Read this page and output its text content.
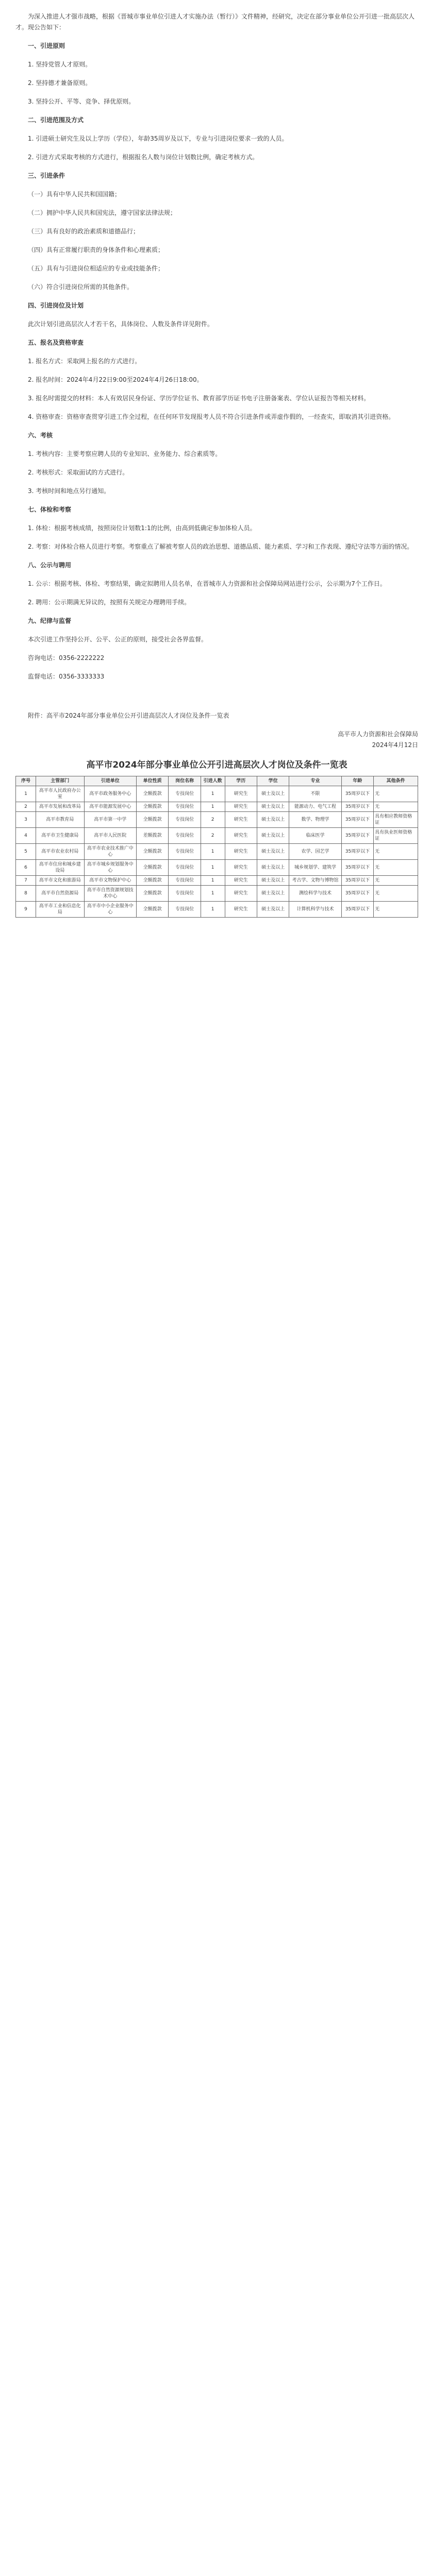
为深入推进人才强市战略，根据《晋城市事业单位引进人才实施办法（暂行）》文件精神，经研究，决定在部分事业单位公开引进一批高层次人才。现公告如下：

一、引进原则

1. 坚持党管人才原则。

2. 坚持德才兼备原则。

3. 坚持公开、平等、竞争、择优原则。

二、引进范围及方式

1. 引进硕士研究生及以上学历（学位），年龄35周岁及以下，专业与引进岗位要求一致的人员。

2. 引进方式采取考核的方式进行，根据报名人数与岗位计划数比例，确定考核方式。

三、引进条件

（一）具有中华人民共和国国籍；

（二）拥护中华人民共和国宪法，遵守国家法律法规；

（三）具有良好的政治素质和道德品行；

（四）具有正常履行职责的身体条件和心理素质；

（五）具有与引进岗位相适应的专业或技能条件；

（六）符合引进岗位所需的其他条件。

四、引进岗位及计划

此次计划引进高层次人才若干名，具体岗位、人数及条件详见附件。

五、报名及资格审查

1. 报名方式：采取网上报名的方式进行。

2. 报名时间：2024年4月22日9:00至2024年4月26日18:00。

3. 报名时需提交的材料：本人有效居民身份证、学历学位证书、教育部学历证书电子注册备案表、学位认证报告等相关材料。

4. 资格审查：资格审查贯穿引进工作全过程，在任何环节发现报考人员不符合引进条件或弄虚作假的，一经查实，即取消其引进资格。

六、考核

1. 考核内容：主要考察应聘人员的专业知识、业务能力、综合素质等。

2. 考核形式：采取面试的方式进行。

3. 考核时间和地点另行通知。

七、体检和考察

1. 体检：根据考核成绩，按照岗位计划数1:1的比例，由高到低确定参加体检人员。

2. 考察：对体检合格人员进行考察。考察重点了解被考察人员的政治思想、道德品质、能力素质、学习和工作表现、遵纪守法等方面的情况。

八、公示与聘用

1. 公示：根据考核、体检、考察结果，确定拟聘用人员名单，在晋城市人力资源和社会保障局网站进行公示，公示期为7个工作日。

2. 聘用：公示期满无异议的，按照有关规定办理聘用手续。

九、纪律与监督

本次引进工作坚持公开、公平、公正的原则，接受社会各界监督。

咨询电话：0356-2222222

监督电话：0356-3333333

附件：高平市2024年部分事业单位公开引进高层次人才岗位及条件一览表

高平市人力资源和社会保障局

2024年4月12日

高平市2024年部分事业单位公开引进高层次人才岗位及条件一览表
序号	主管部门	引进单位	单位性质	岗位名称	引进人数	学历	学位	专业	年龄	其他条件
1	高平市人民政府办公室	高平市政务服务中心	全额拨款	专技岗位	1	研究生	硕士及以上	不限	35周岁以下	无
2	高平市发展和改革局	高平市能源发展中心	全额拨款	专技岗位	1	研究生	硕士及以上	能源动力、电气工程	35周岁以下	无
3	高平市教育局	高平市第一中学	全额拨款	专技岗位	2	研究生	硕士及以上	数学、物理学	35周岁以下	具有相应教师资格证
4	高平市卫生健康局	高平市人民医院	差额拨款	专技岗位	2	研究生	硕士及以上	临床医学	35周岁以下	具有执业医师资格证
5	高平市农业农村局	高平市农业技术推广中心	全额拨款	专技岗位	1	研究生	硕士及以上	农学、园艺学	35周岁以下	无
6	高平市住房和城乡建设局	高平市城乡规划服务中心	全额拨款	专技岗位	1	研究生	硕士及以上	城乡规划学、建筑学	35周岁以下	无
7	高平市文化和旅游局	高平市文物保护中心	全额拨款	专技岗位	1	研究生	硕士及以上	考古学、文物与博物馆	35周岁以下	无
8	高平市自然资源局	高平市自然资源规划技术中心	全额拨款	专技岗位	1	研究生	硕士及以上	测绘科学与技术	35周岁以下	无
9	高平市工业和信息化局	高平市中小企业服务中心	全额拨款	专技岗位	1	研究生	硕士及以上	计算机科学与技术	35周岁以下	无
